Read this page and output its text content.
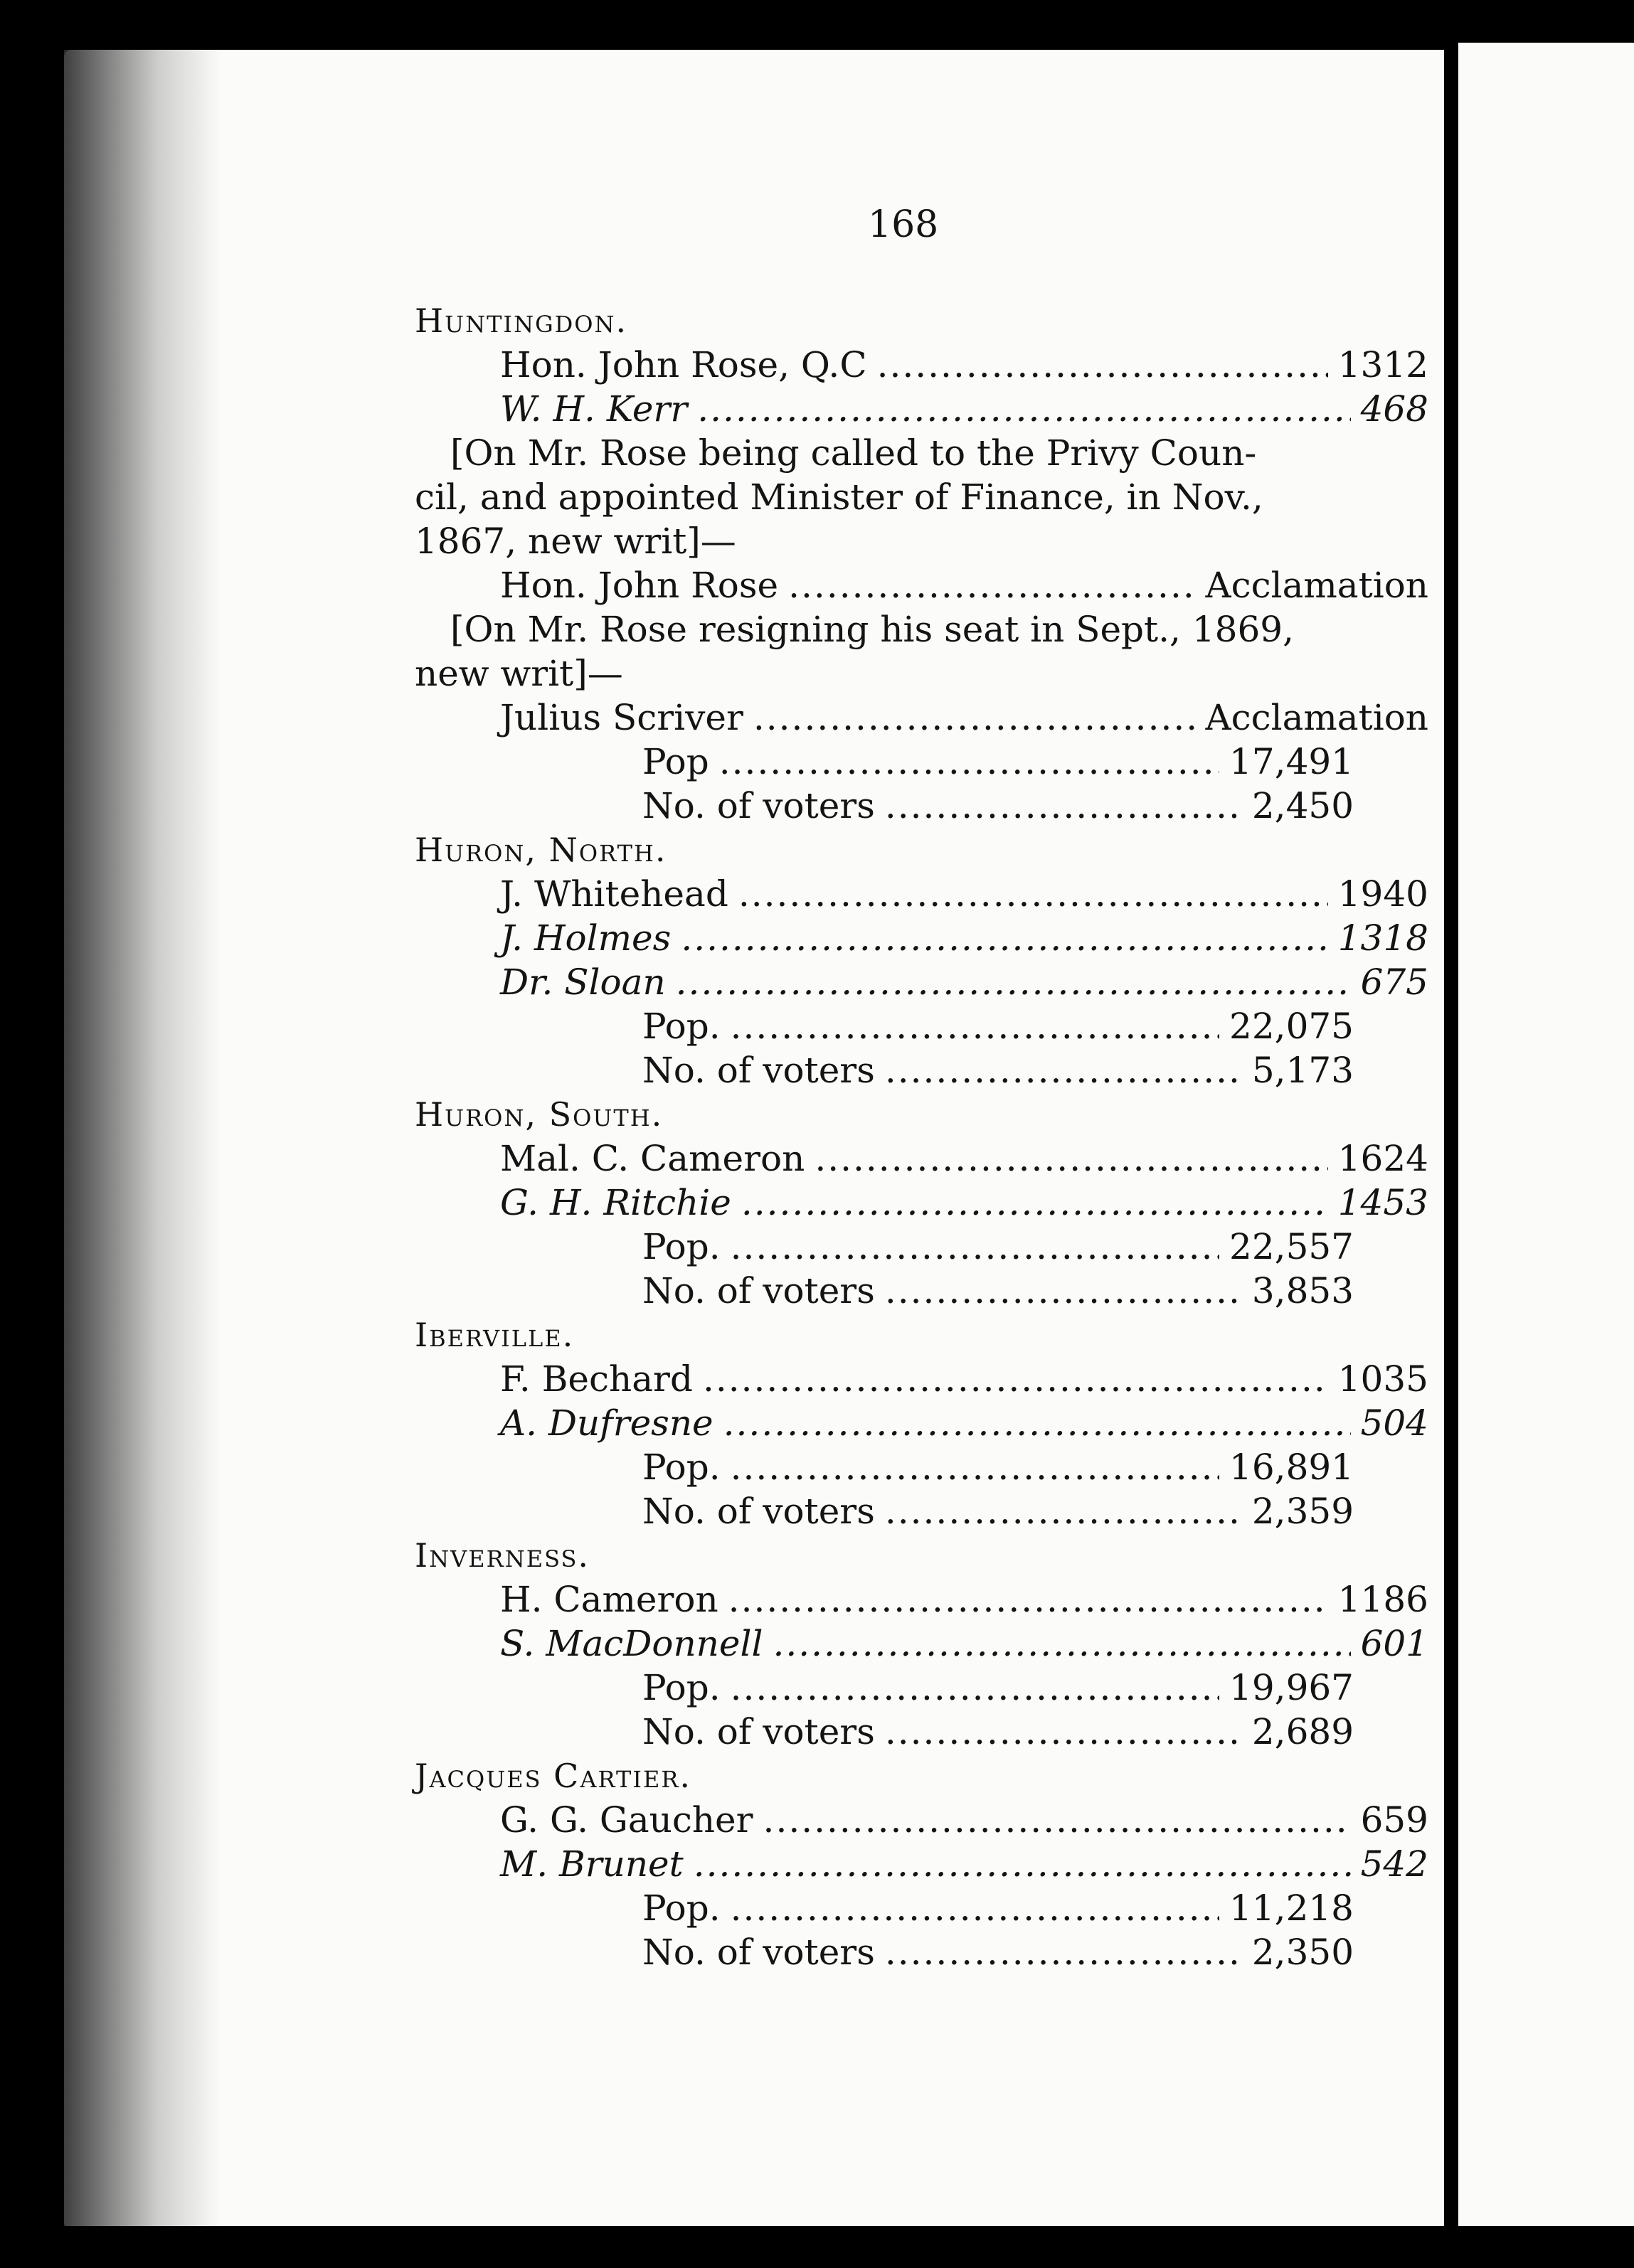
168
Huntingdon.
Hon. John Rose, Q.C .....	1312
W. H. Kerr .....	468
[On Mr. Rose being called to the Privy Coun-
cil, and appointed Minister of Finance, in Nov.,
1867, new writ]—
Hon. John Rose .....	Acclamation
[On Mr. Rose resigning his seat in Sept., 1869,
new writ]—
Julius Scriver .....	Acclamation
Pop .....	17,491
No. of voters .....	2,450
Huron, North.
J. Whitehead .....	1940
J. Holmes .....	1318
Dr. Sloan .....	675
Pop. .....	22,075
No. of voters .....	5,173
Huron, South.
Mal. C. Cameron .....	1624
G. H. Ritchie .....	1453
Pop. .....	22,557
No. of voters .....	3,853
Iberville.
F. Bechard .....	1035
A. Dufresne .....	504
Pop. .....	16,891
No. of voters .....	2,359
Inverness.
H. Cameron .....	1186
S. MacDonnell .....	601
Pop. .....	19,967
No. of voters .....	2,689
Jacques Cartier.
G. G. Gaucher .....	659
M. Brunet .....	542
Pop. .....	11,218
No. of voters .....	2,350
